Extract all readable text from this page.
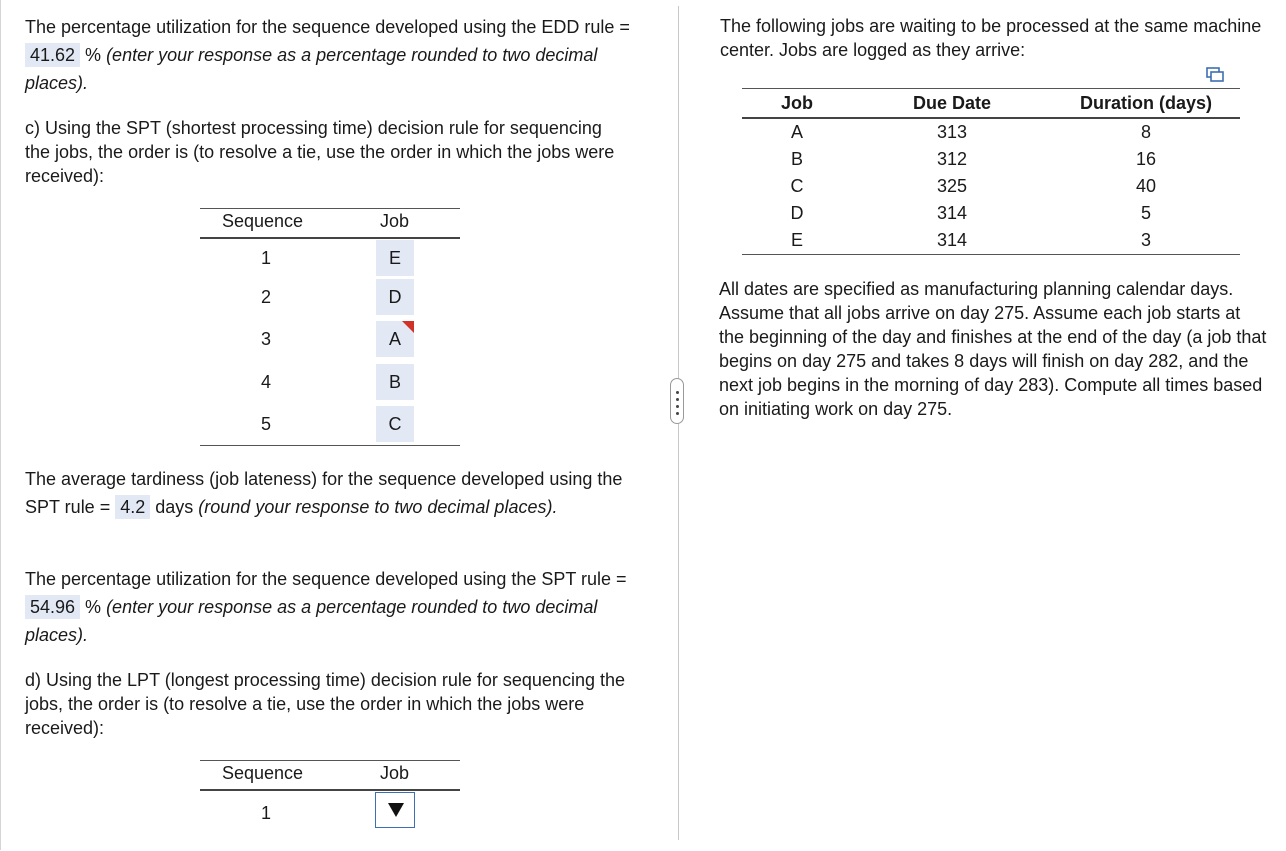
The percentage utilization for the sequence developed using the EDD rule = 41.62 % (enter your response as a percentage rounded to two decimal places).

c) Using the SPT (shortest processing time) decision rule for sequencing the jobs, the order is (to resolve a tie, use the order in which the jobs were received):

Sequence	Job
1	E
2	D
3	A
4	B
5	C

The average tardiness (job lateness) for the sequence developed using the SPT rule = 4.2 days (round your response to two decimal places).

The percentage utilization for the sequence developed using the SPT rule = 54.96 % (enter your response as a percentage rounded to two decimal places).

d) Using the LPT (longest processing time) decision rule for sequencing the jobs, the order is (to resolve a tie, use the order in which the jobs were received):

Sequence	Job
1

The following jobs are waiting to be processed at the same machine center. Jobs are logged as they arrive:

Job	Due Date	Duration (days)
A	313	8
B	312	16
C	325	40
D	314	5
E	314	3

All dates are specified as manufacturing planning calendar days. Assume that all jobs arrive on day 275. Assume each job starts at the beginning of the day and finishes at the end of the day (a job that begins on day 275 and takes 8 days will finish on day 282, and the next job begins in the morning of day 283). Compute all times based on initiating work on day 275.
